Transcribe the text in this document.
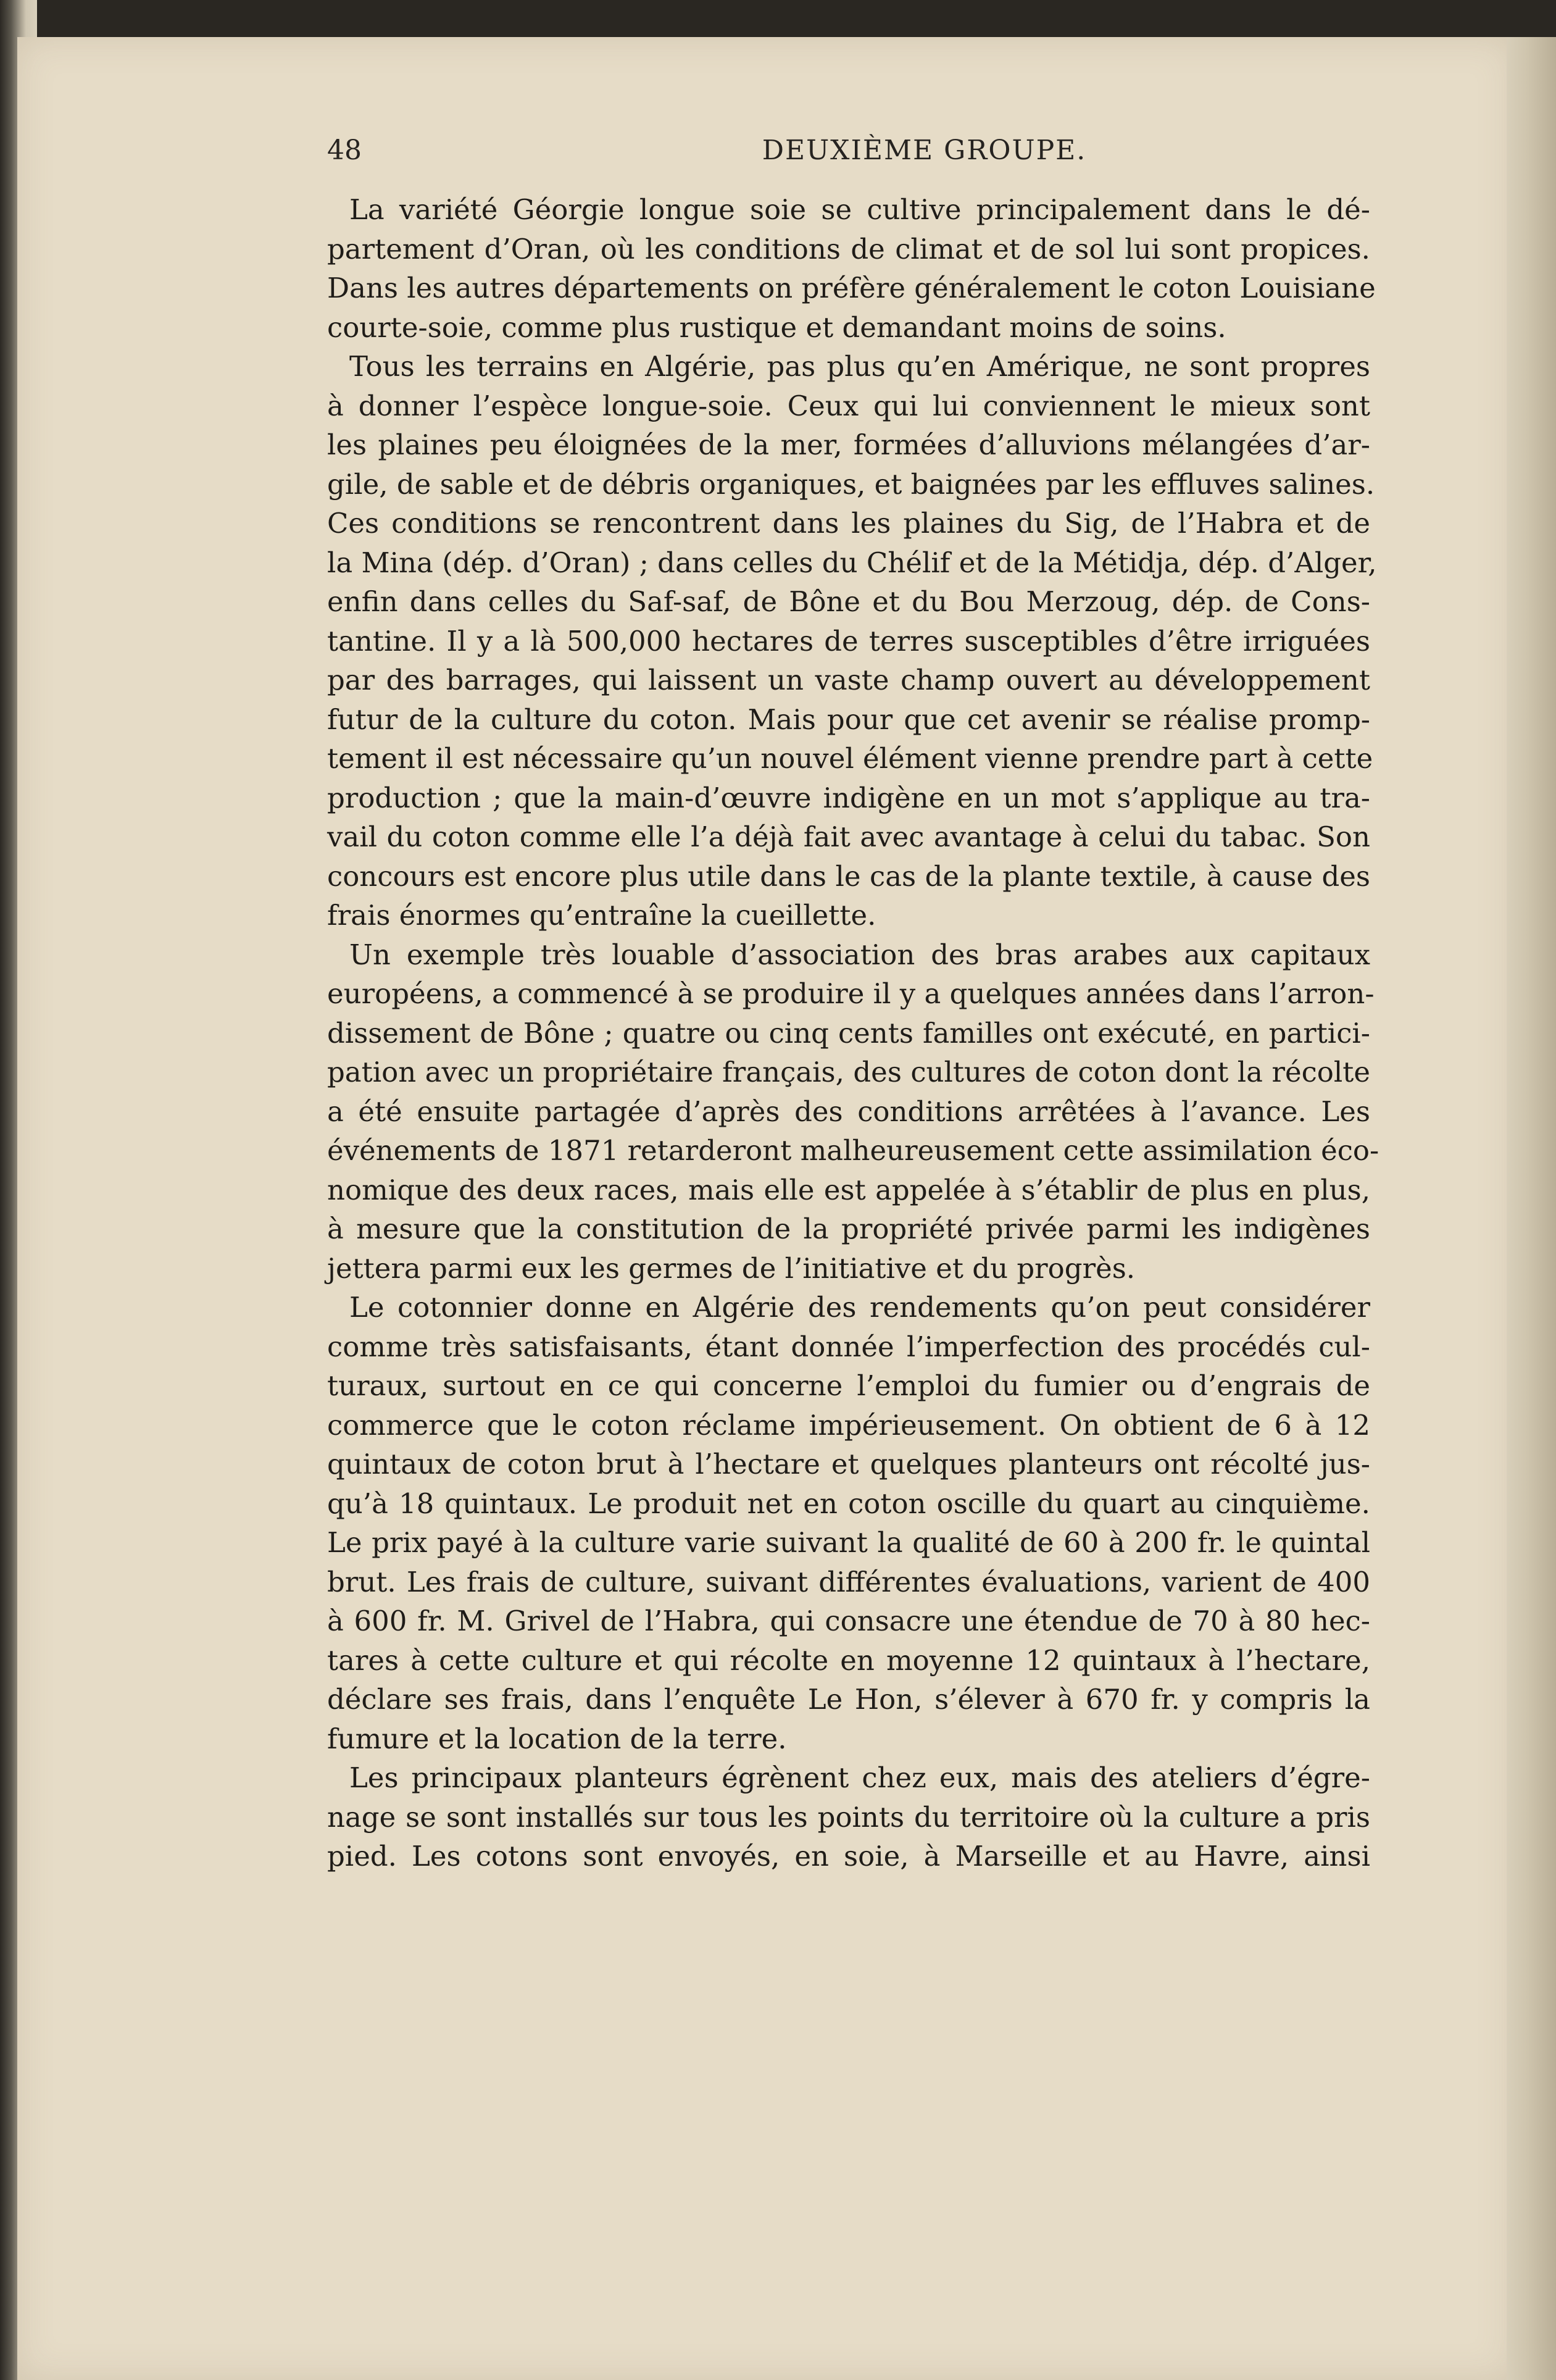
48	DEUXIÈME GROUPE.
La variété Géorgie longue soie se cultive principalement dans le dé-
partement d’Oran, où les conditions de climat et de sol lui sont propices.
Dans les autres départements on préfère généralement le coton Louisiane
courte-soie, comme plus rustique et demandant moins de soins.
Tous les terrains en Algérie, pas plus qu’en Amérique, ne sont propres
à donner l’espèce longue-soie. Ceux qui lui conviennent le mieux sont
les plaines peu éloignées de la mer, formées d’alluvions mélangées d’ar-
gile, de sable et de débris organiques, et baignées par les effluves salines.
Ces conditions se rencontrent dans les plaines du Sig, de l’Habra et de
la Mina (dép. d’Oran) ; dans celles du Chélif et de la Métidja, dép. d’Alger,
enfin dans celles du Saf-saf, de Bône et du Bou Merzoug, dép. de Cons-
tantine. Il y a là 500,000 hectares de terres susceptibles d’être irriguées
par des barrages, qui laissent un vaste champ ouvert au développement
futur de la culture du coton. Mais pour que cet avenir se réalise promp-
tement il est nécessaire qu’un nouvel élément vienne prendre part à cette
production ; que la main-d’œuvre indigène en un mot s’applique au tra-
vail du coton comme elle l’a déjà fait avec avantage à celui du tabac. Son
concours est encore plus utile dans le cas de la plante textile, à cause des
frais énormes qu’entraîne la cueillette.
Un exemple très louable d’association des bras arabes aux capitaux
européens, a commencé à se produire il y a quelques années dans l’arron-
dissement de Bône ; quatre ou cinq cents familles ont exécuté, en partici-
pation avec un propriétaire français, des cultures de coton dont la récolte
a été ensuite partagée d’après des conditions arrêtées à l’avance. Les
événements de 1871 retarderont malheureusement cette assimilation éco-
nomique des deux races, mais elle est appelée à s’établir de plus en plus,
à mesure que la constitution de la propriété privée parmi les indigènes
jettera parmi eux les germes de l’initiative et du progrès.
Le cotonnier donne en Algérie des rendements qu’on peut considérer
comme très satisfaisants, étant donnée l’imperfection des procédés cul-
turaux, surtout en ce qui concerne l’emploi du fumier ou d’engrais de
commerce que le coton réclame impérieusement. On obtient de 6 à 12
quintaux de coton brut à l’hectare et quelques planteurs ont récolté jus-
qu’à 18 quintaux. Le produit net en coton oscille du quart au cinquième.
Le prix payé à la culture varie suivant la qualité de 60 à 200 fr. le quintal
brut. Les frais de culture, suivant différentes évaluations, varient de 400
à 600 fr. M. Grivel de l’Habra, qui consacre une étendue de 70 à 80 hec-
tares à cette culture et qui récolte en moyenne 12 quintaux à l’hectare,
déclare ses frais, dans l’enquête Le Hon, s’élever à 670 fr. y compris la
fumure et la location de la terre.
Les principaux planteurs égrènent chez eux, mais des ateliers d’égre-
nage se sont installés sur tous les points du territoire où la culture a pris
pied. Les cotons sont envoyés, en soie, à Marseille et au Havre, ainsi
